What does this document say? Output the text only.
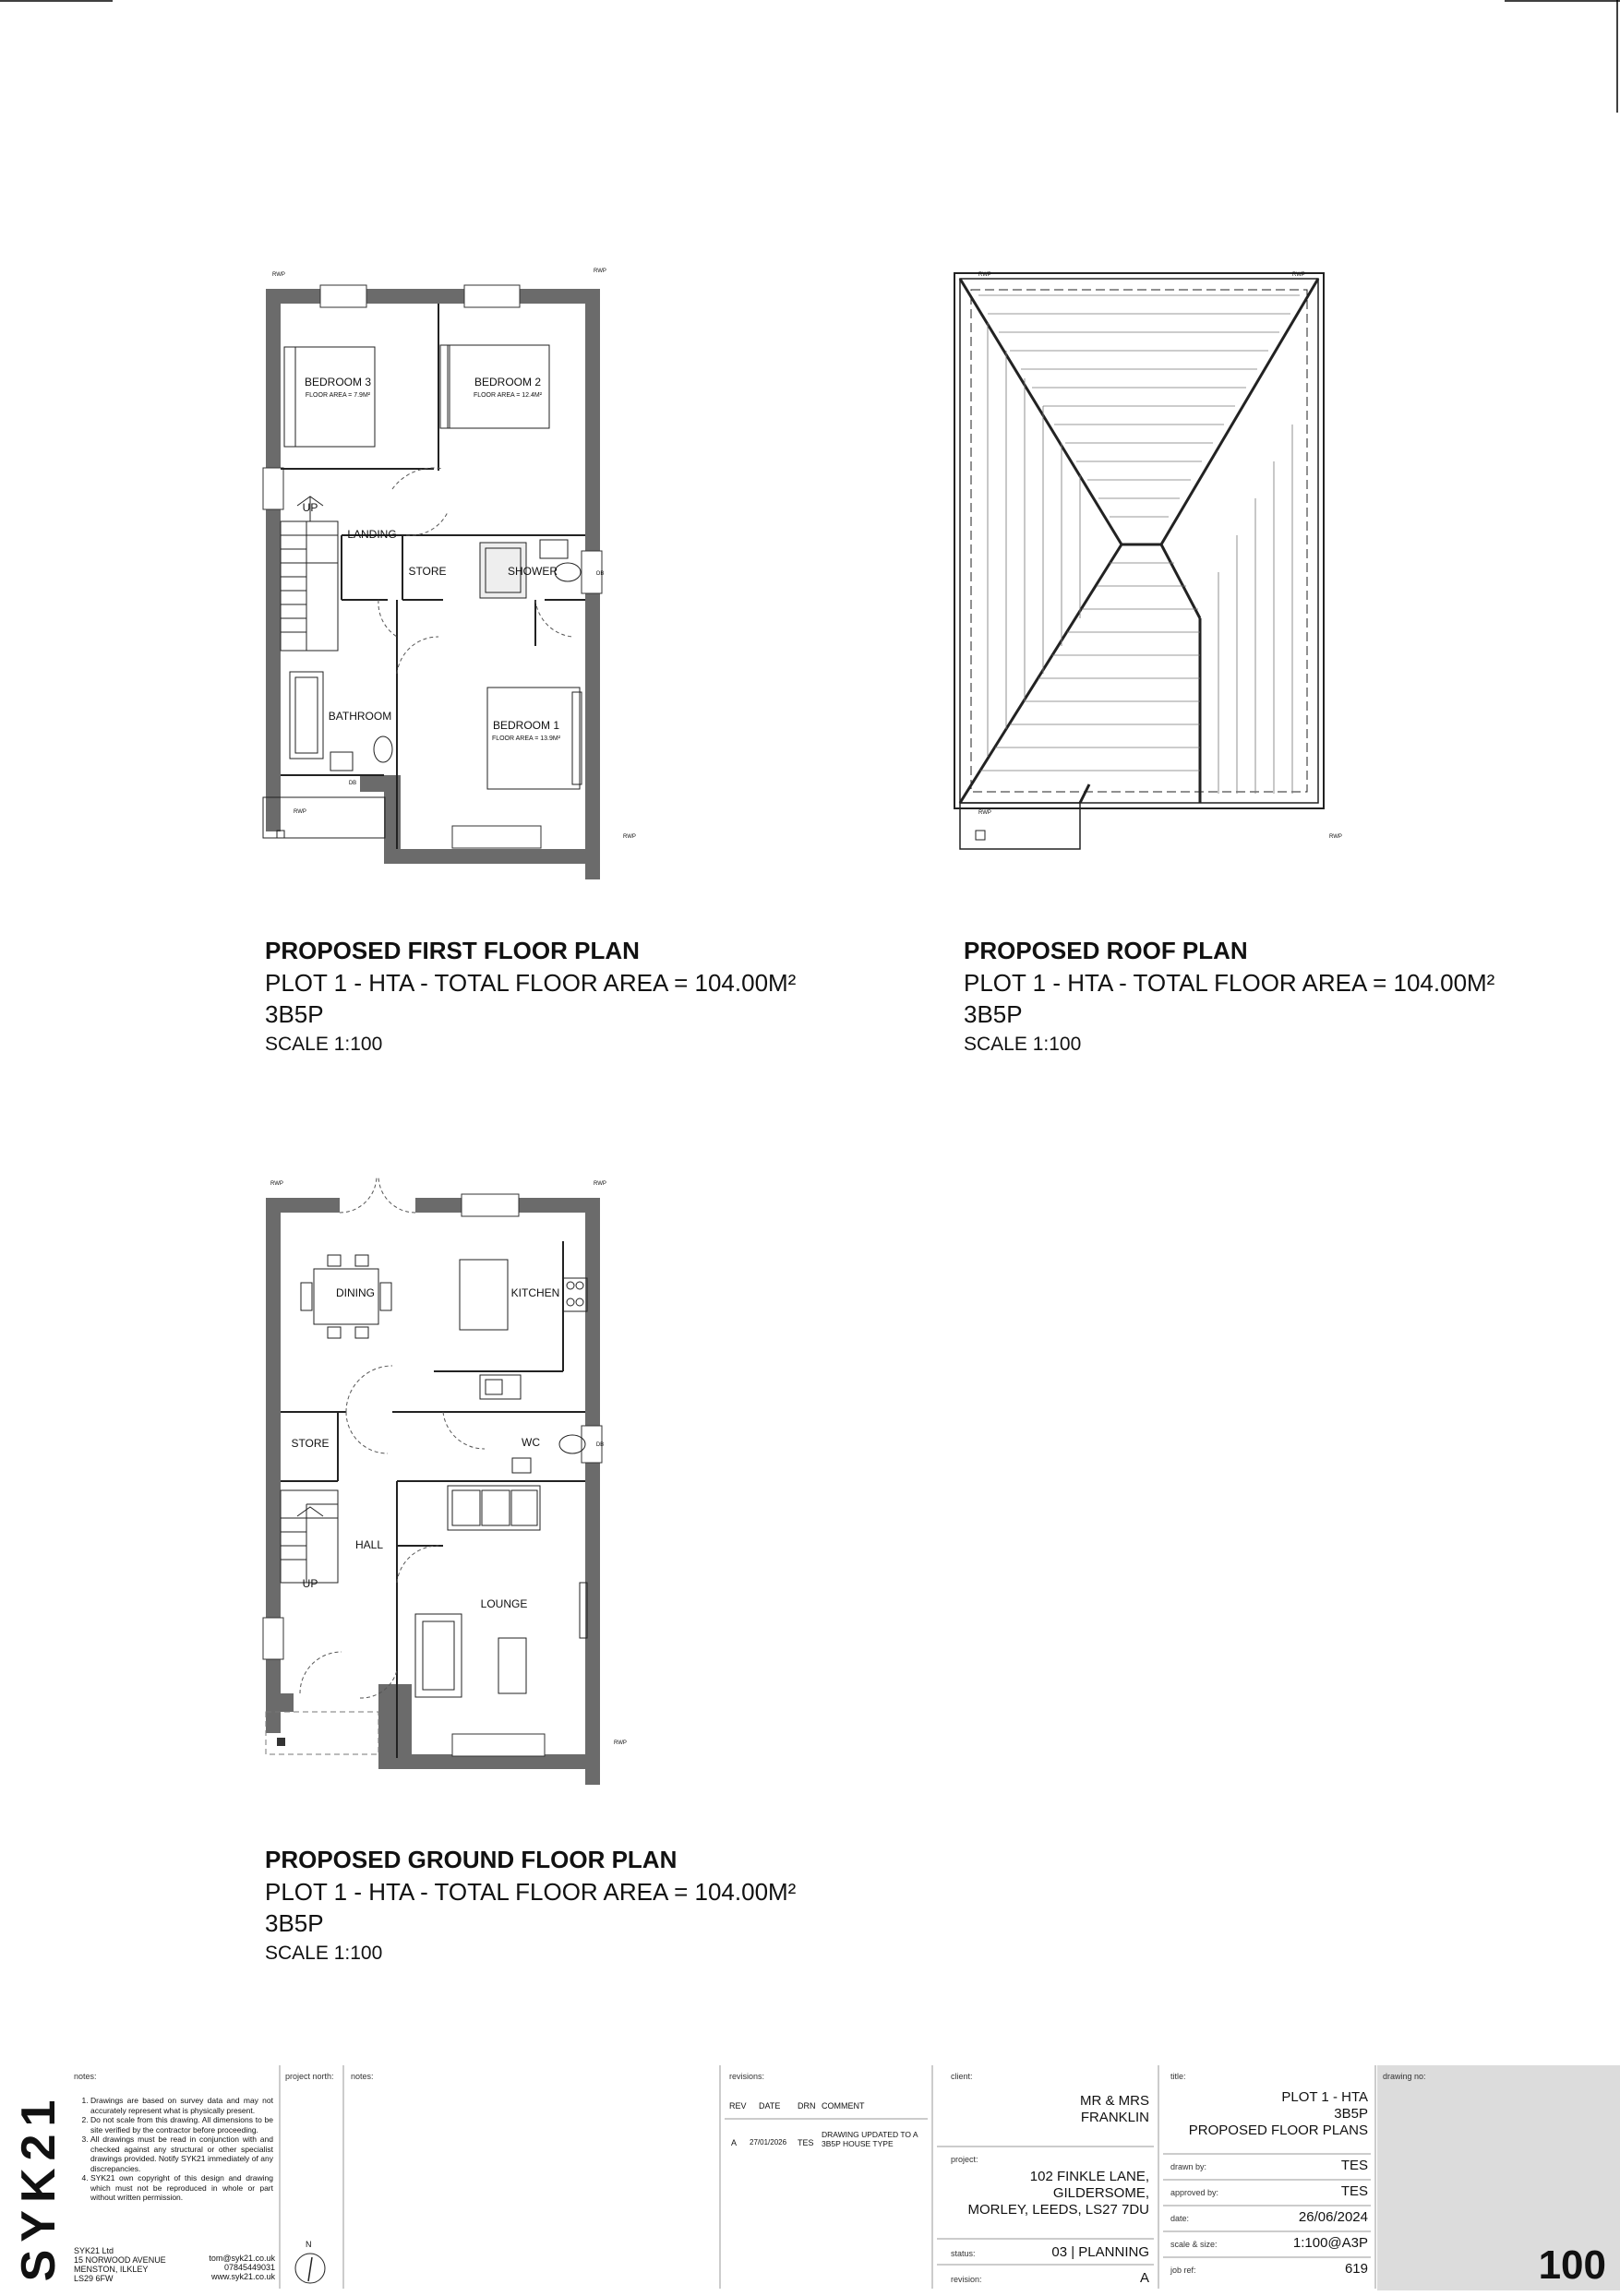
BEDROOM 3
FLOOR AREA = 7.9M²
BEDROOM 2
FLOOR AREA = 12.4M²
UP
LANDING
STORE	SHOWER	OB
BATHROOM
DB
BEDROOM 1
FLOOR AREA = 13.9M²
RWP	RWP
RWP
RWP
DINING	KITCHEN
STORE	WC	DB
HALL
UP
LOUNGE
RWP	RWP
RWP
RWP
RWP
RWP
RWP
PROPOSED FIRST FLOOR PLAN
PLOT 1 - HTA - TOTAL FLOOR AREA = 104.00M²
3B5P
SCALE 1:100
PROPOSED ROOF PLAN
PLOT 1 - HTA - TOTAL FLOOR AREA = 104.00M²
3B5P
SCALE 1:100
PROPOSED GROUND FLOOR PLAN
PLOT 1 - HTA - TOTAL FLOOR AREA = 104.00M²
3B5P
SCALE 1:100
SYK21
notes:
1. Drawings are based on survey data and may not accurately represent what is physically present.
2. Do not scale from this drawing. All dimensions to be site verified by the contractor before proceeding.
3. All drawings must be read in conjunction with and checked against any structural or other specialist drawings provided. Notify SYK21 immediately of any discrepancies.
4. SYK21 own copyright of this design and drawing which must not be reproduced in whole or part without written permission.
SYK21 Ltd
15 NORWOOD AVENUE
MENSTON, ILKLEY
LS29 6FW
tom@syk21.co.uk
07845449031
www.syk21.co.uk
project north:
N
notes:	revisions:
REV DATE DRN COMMENT
A 27/01/2026 TES
DRAWING UPDATED TO A 3B5P HOUSE TYPE
client:
MR & MRS
FRANKLIN
project:
102 FINKLE LANE, GILDERSOME,
MORLEY, LEEDS, LS27 7DU
status:	03 | PLANNING
revision:	A
title:
PLOT 1 - HTA
3B5P
PROPOSED FLOOR PLANS
drawn by:	TES
approved by:	TES
date:	26/06/2024
scale & size:	1:100@A3P
job ref:	619
drawing no:
100
